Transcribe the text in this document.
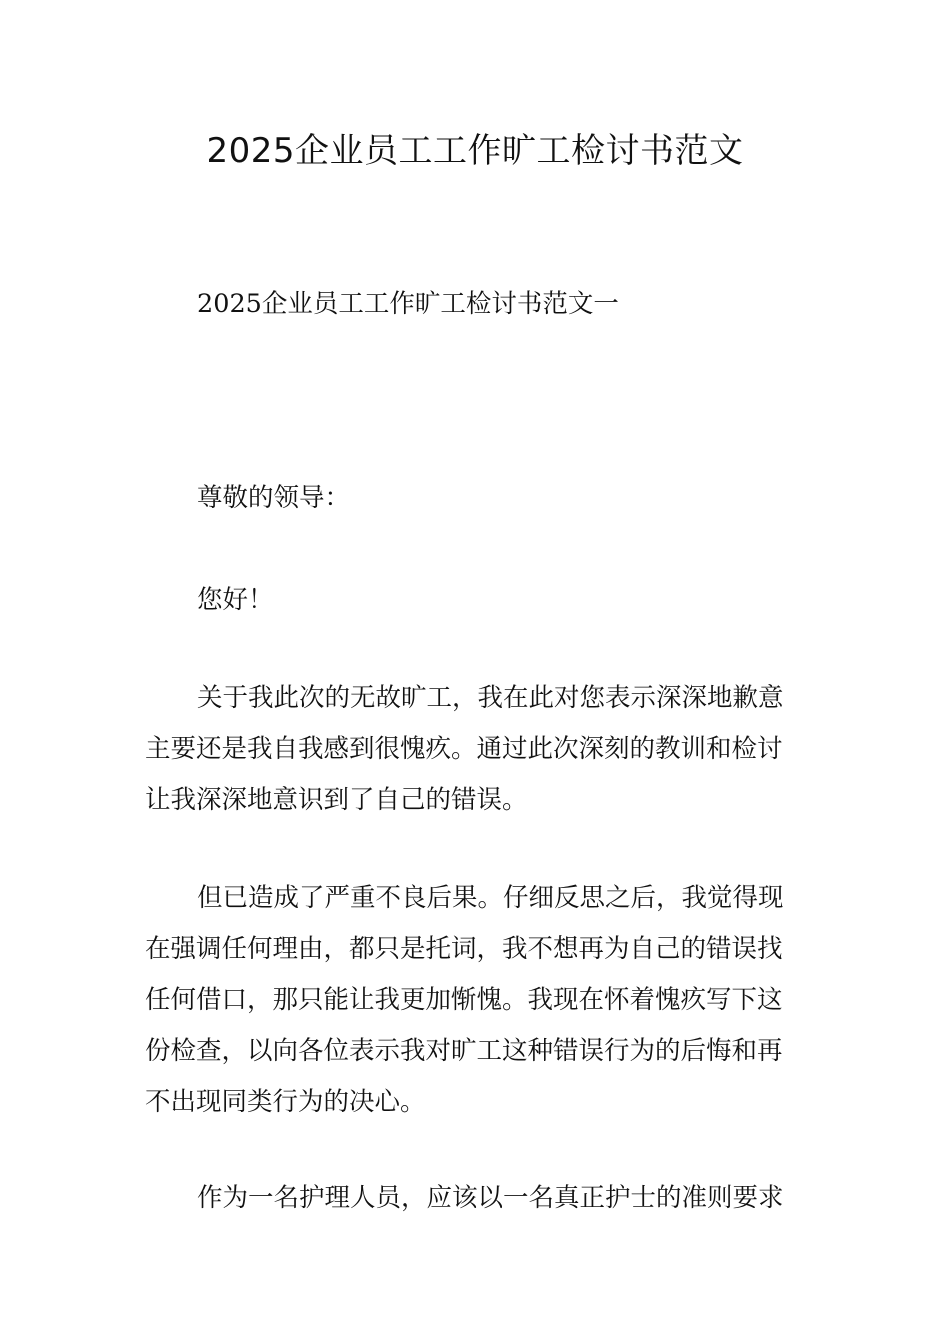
2025企业员工工作旷工检讨书范文

2025企业员工工作旷工检讨书范文一

尊敬的领导：

您好！

关于我此次的无故旷工，我在此对您表示深深地歉意
主要还是我自我感到很愧疚。通过此次深刻的教训和检讨
让我深深地意识到了自己的错误。
但已造成了严重不良后果。仔细反思之后，我觉得现
在强调任何理由，都只是托词，我不想再为自己的错误找
任何借口，那只能让我更加惭愧。我现在怀着愧疚写下这
份检查，以向各位表示我对旷工这种错误行为的后悔和再
不出现同类行为的决心。
作为一名护理人员，应该以一名真正护士的准则要求
